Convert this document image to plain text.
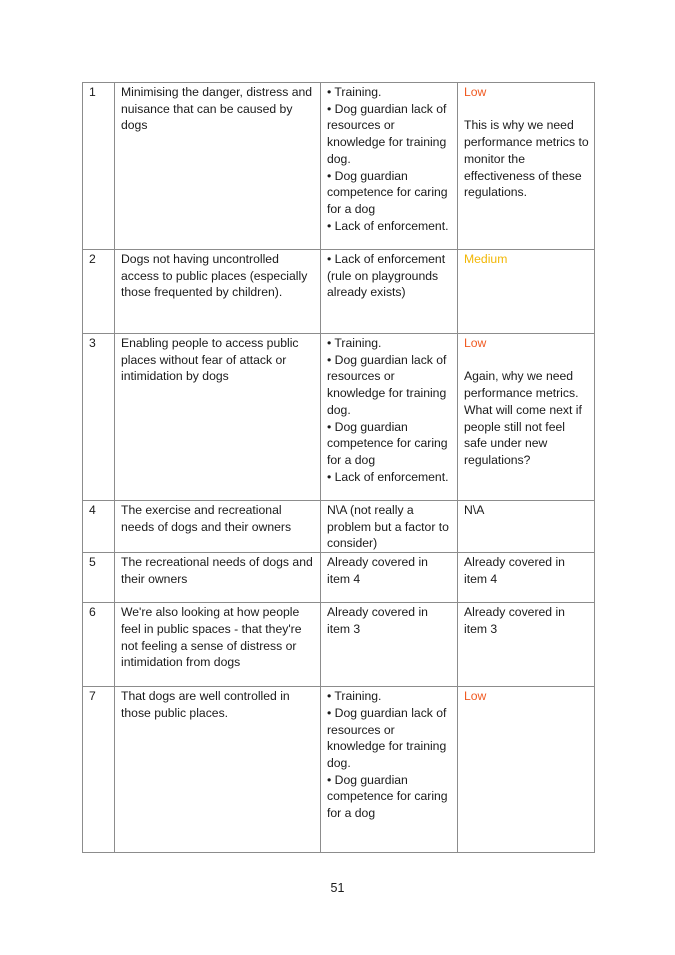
1	Minimising the danger, distress and nuisance that can be caused by dogs	• Training.
• Dog guardian lack of resources or knowledge for training dog.
• Dog guardian competence for caring for a dog
• Lack of enforcement.	Low
This is why we need performance metrics to monitor the effectiveness of these regulations.

2	Dogs not having uncontrolled access to public places (especially those frequented by children).	• Lack of enforcement (rule on playgrounds already exists)	Medium

3	Enabling people to access public places without fear of attack or intimidation by dogs	• Training.
• Dog guardian lack of resources or knowledge for training dog.
• Dog guardian competence for caring for a dog
• Lack of enforcement.	Low
Again, why we need performance metrics. What will come next if people still not feel safe under new regulations?

4	The exercise and recreational needs of dogs and their owners	N\A (not really a problem but a factor to consider)	N\A
5	The recreational needs of dogs and their owners	Already covered in item 4	Already covered in item 4
6	We're also looking at how people feel in public spaces - that they're not feeling a sense of distress or intimidation from dogs	Already covered in item 3	Already covered in item 3
7	That dogs are well controlled in those public places.	• Training.
• Dog guardian lack of resources or knowledge for training dog.
• Dog guardian competence for caring for a dog	Low
51
